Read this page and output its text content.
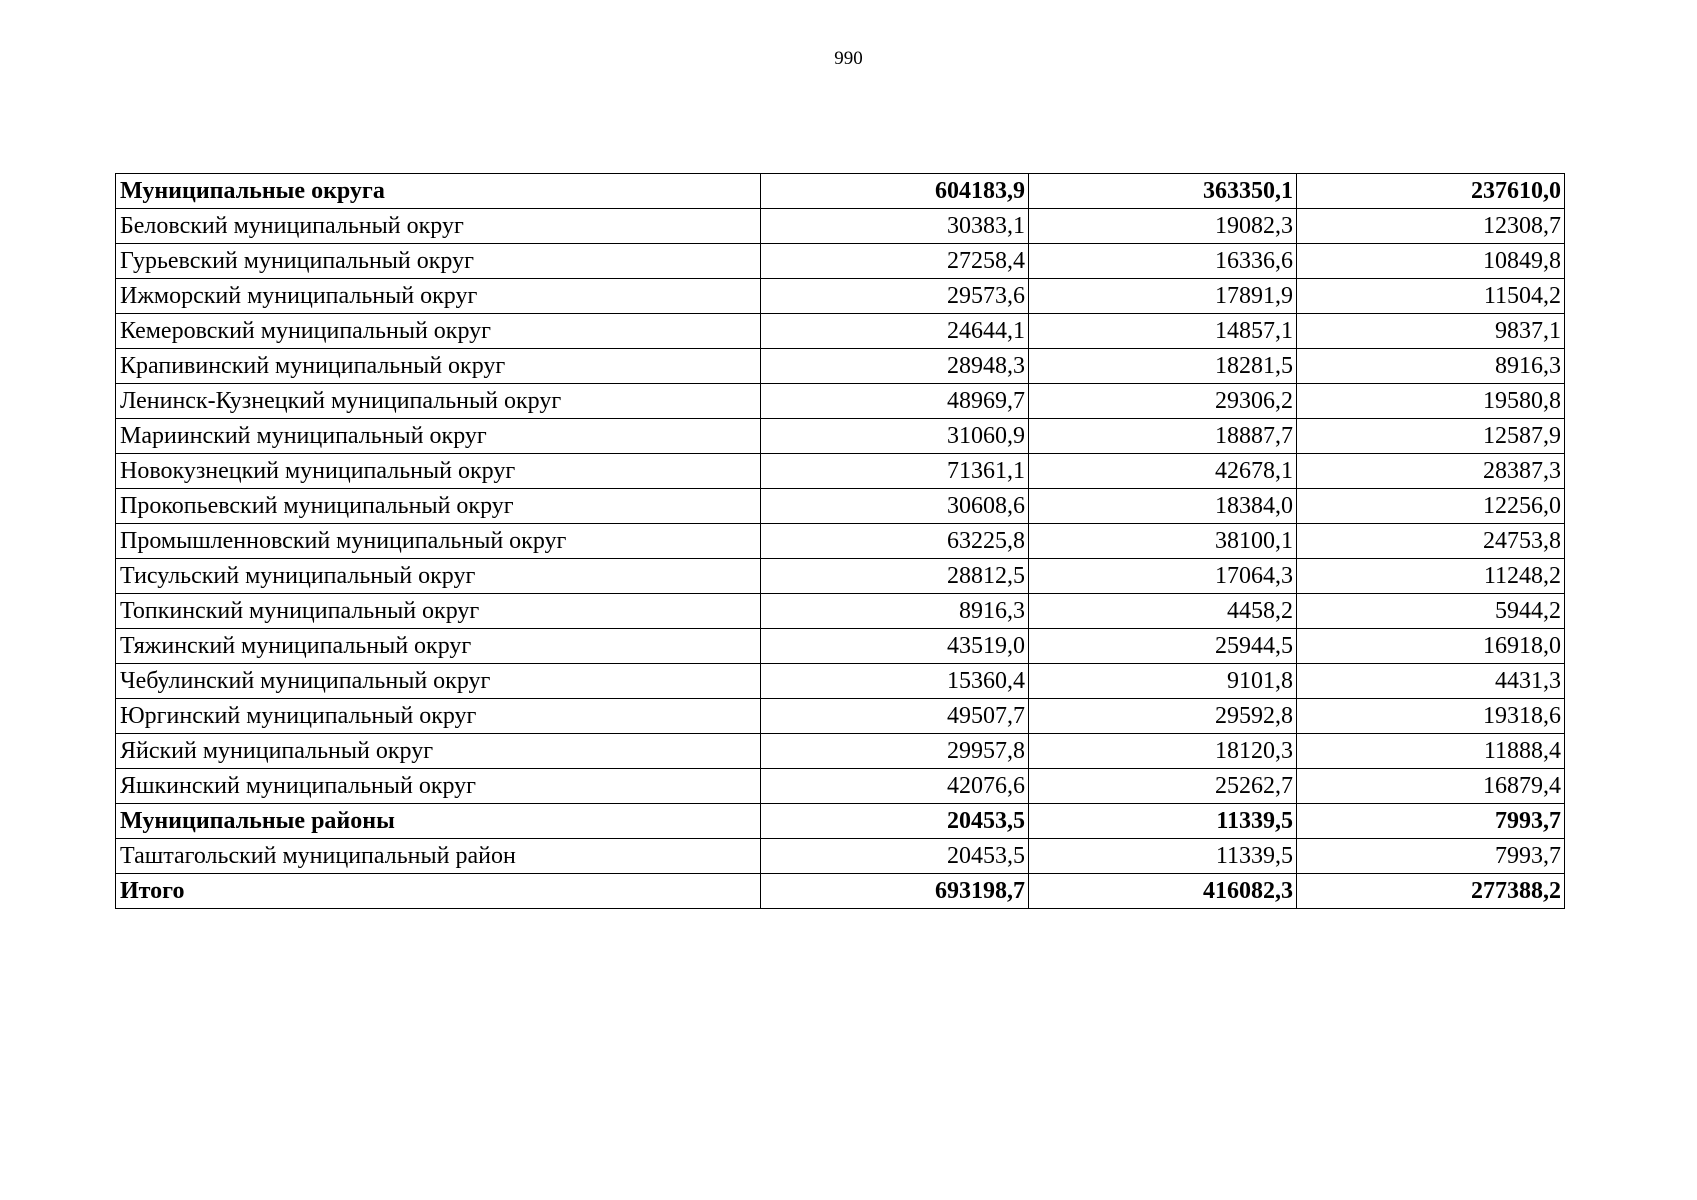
990
Муниципальные округа	604183,9	363350,1	237610,0
Беловский муниципальный округ	30383,1	19082,3	12308,7
Гурьевский муниципальный округ	27258,4	16336,6	10849,8
Ижморский муниципальный округ	29573,6	17891,9	11504,2
Кемеровский муниципальный округ	24644,1	14857,1	9837,1
Крапивинский муниципальный округ	28948,3	18281,5	8916,3
Ленинск-Кузнецкий муниципальный округ	48969,7	29306,2	19580,8
Мариинский муниципальный округ	31060,9	18887,7	12587,9
Новокузнецкий муниципальный округ	71361,1	42678,1	28387,3
Прокопьевский муниципальный округ	30608,6	18384,0	12256,0
Промышленновский муниципальный округ	63225,8	38100,1	24753,8
Тисульский муниципальный округ	28812,5	17064,3	11248,2
Топкинский муниципальный округ	8916,3	4458,2	5944,2
Тяжинский муниципальный округ	43519,0	25944,5	16918,0
Чебулинский муниципальный округ	15360,4	9101,8	4431,3
Юргинский муниципальный округ	49507,7	29592,8	19318,6
Яйский муниципальный округ	29957,8	18120,3	11888,4
Яшкинский муниципальный округ	42076,6	25262,7	16879,4
Муниципальные районы	20453,5	11339,5	7993,7
Таштагольский муниципальный район	20453,5	11339,5	7993,7
Итого	693198,7	416082,3	277388,2
